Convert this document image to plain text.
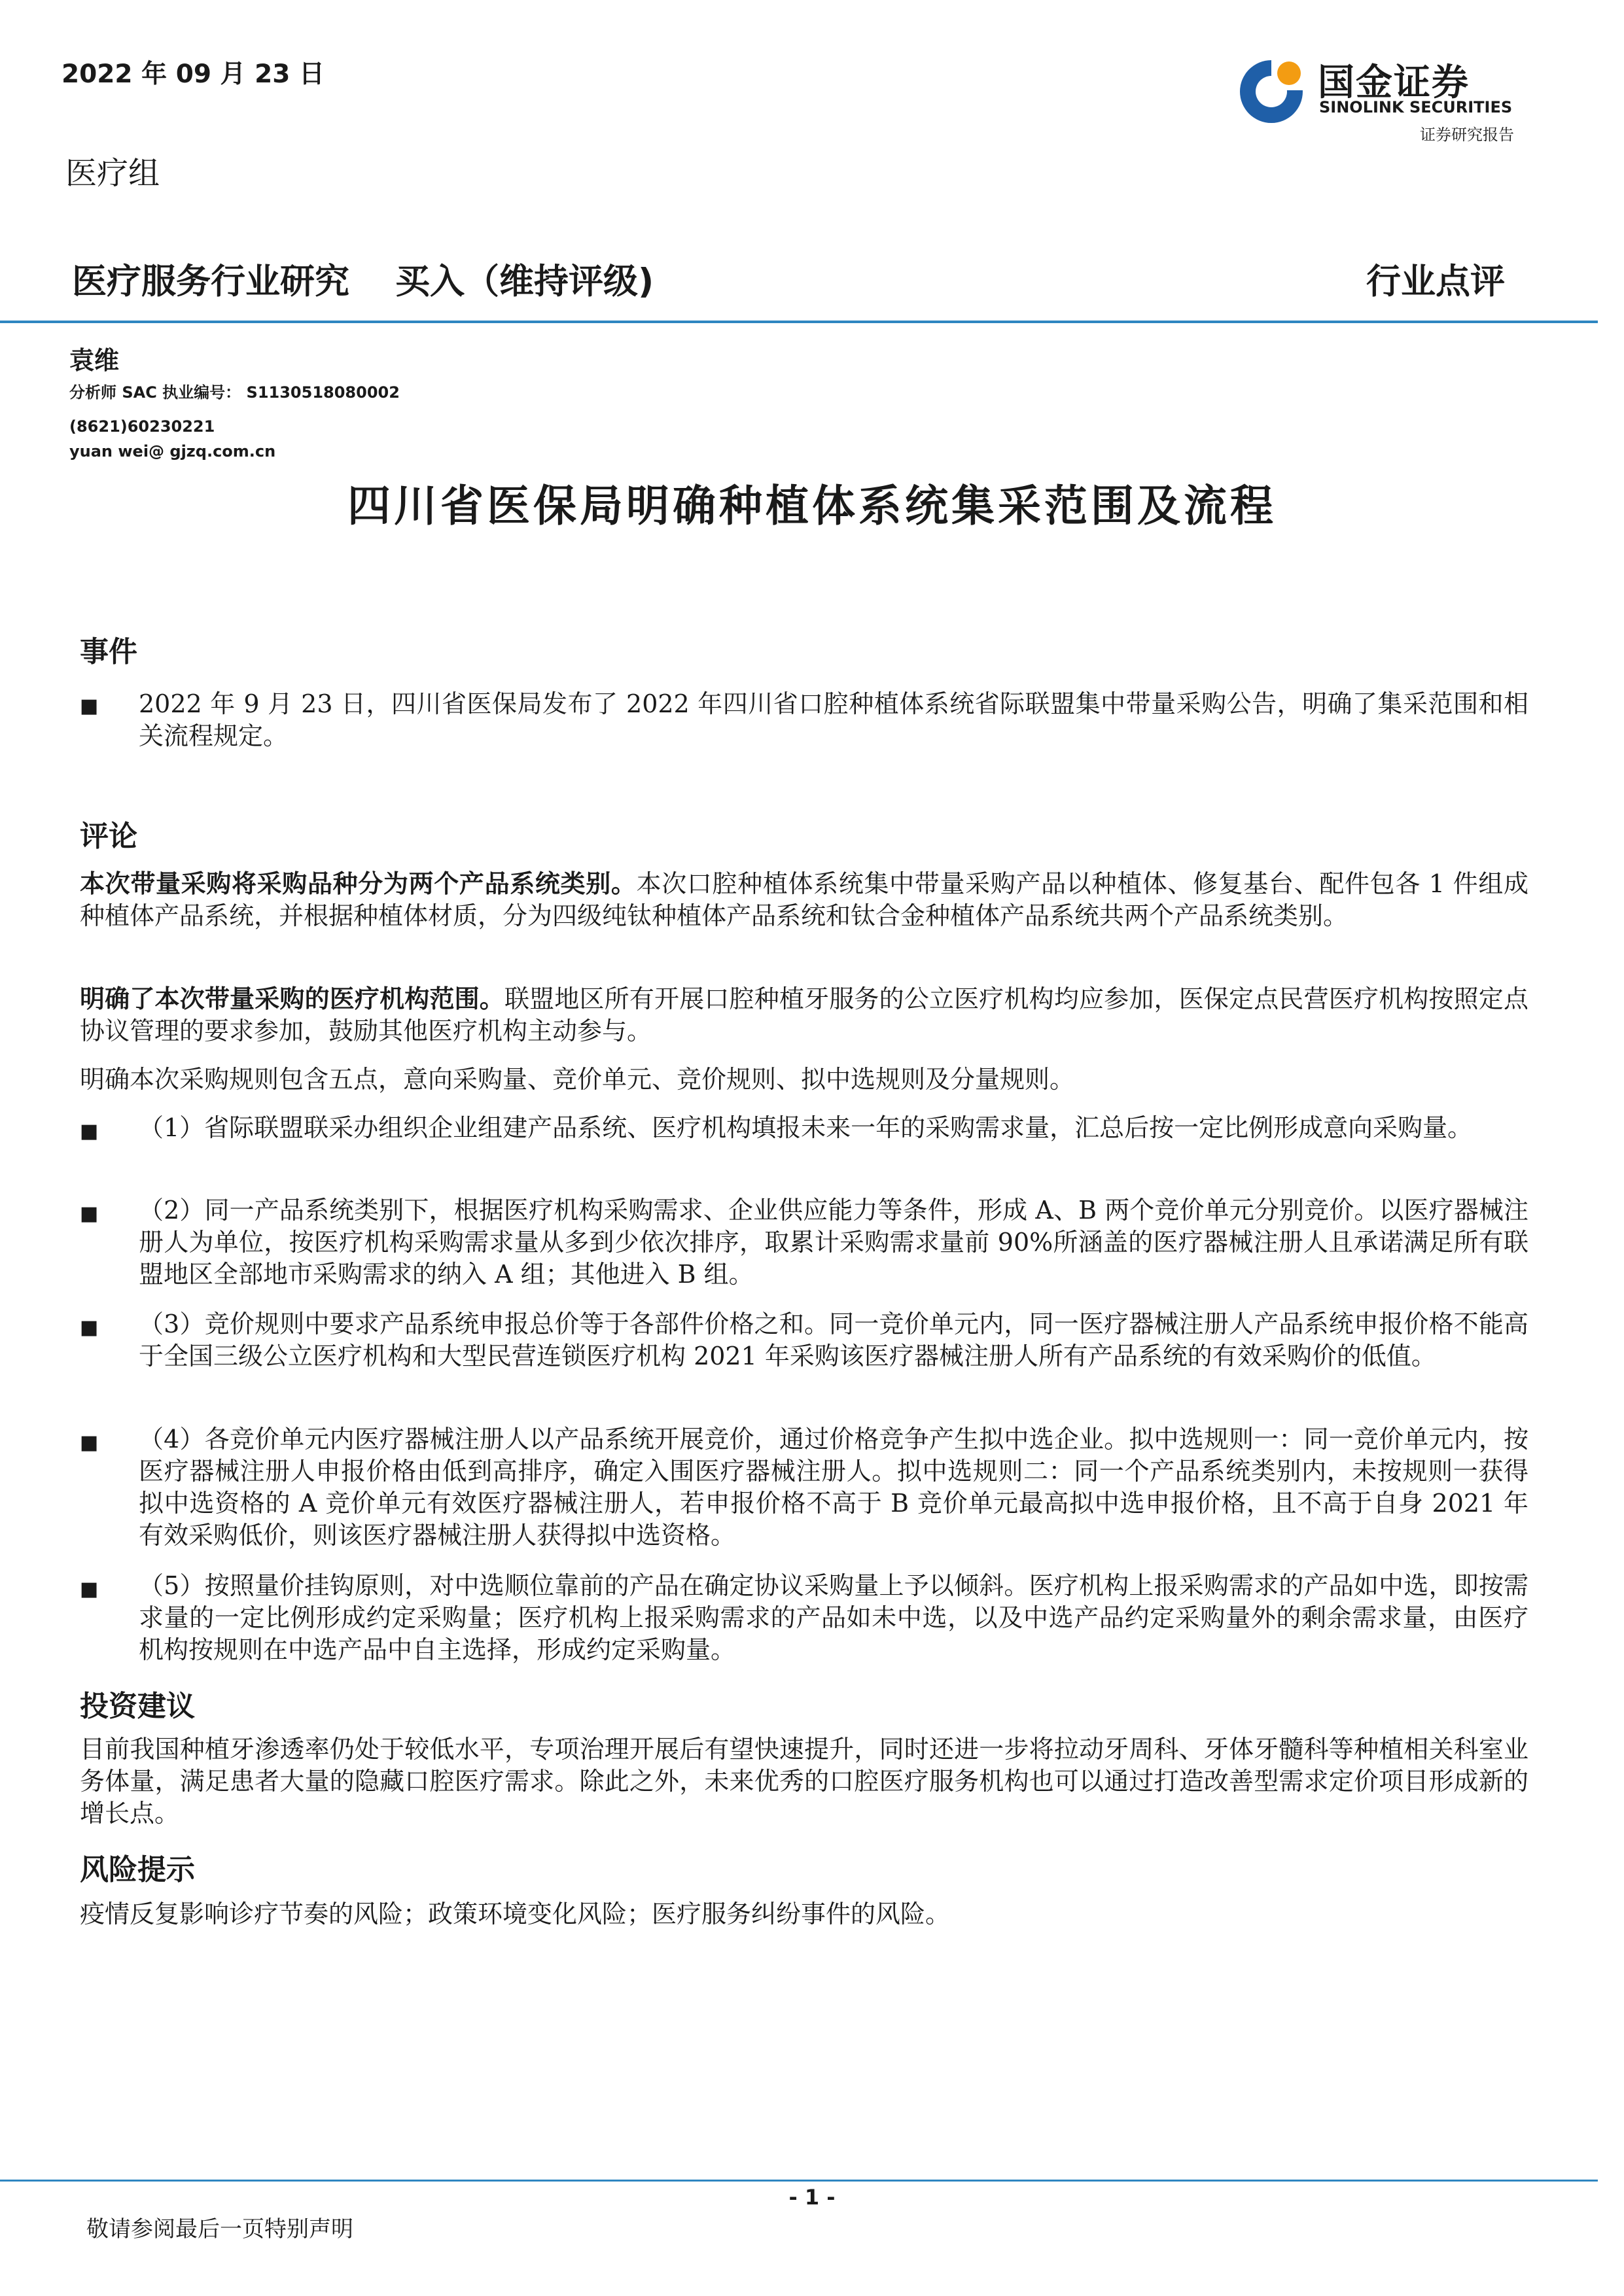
2022 年 09 月 23 日
医疗组
国金证券
SINOLINK SECURITIES
证券研究报告
医疗服务行业研究 买入（维持评级)	行业点评
袁维
分析师 SAC 执业编号： S1130518080002
(8621)60230221
yuan wei@ gjzq.com.cn
四川省医保局明确种植体系统集采范围及流程
事件
■ 2022 年 9 月 23 日，四川省医保局发布了 2022 年四川省口腔种植体系统省际联盟集中带量采购公告，明确了集采范围和相关流程规定。
评论
本次带量采购将采购品种分为两个产品系统类别。本次口腔种植体系统集中带量采购产品以种植体、修复基台、配件包各 1 件组成种植体产品系统，并根据种植体材质，分为四级纯钛种植体产品系统和钛合金种植体产品系统共两个产品系统类别。
明确了本次带量采购的医疗机构范围。联盟地区所有开展口腔种植牙服务的公立医疗机构均应参加，医保定点民营医疗机构按照定点协议管理的要求参加，鼓励其他医疗机构主动参与。
明确本次采购规则包含五点，意向采购量、竞价单元、竞价规则、拟中选规则及分量规则。
■ （1）省际联盟联采办组织企业组建产品系统、医疗机构填报未来一年的采购需求量，汇总后按一定比例形成意向采购量。
■ （2）同一产品系统类别下，根据医疗机构采购需求、企业供应能力等条件，形成 A、B 两个竞价单元分别竞价。以医疗器械注册人为单位，按医疗机构采购需求量从多到少依次排序，取累计采购需求量前 90%所涵盖的医疗器械注册人且承诺满足所有联盟地区全部地市采购需求的纳入 A 组；其他进入 B 组。
■ （3）竞价规则中要求产品系统申报总价等于各部件价格之和。同一竞价单元内，同一医疗器械注册人产品系统申报价格不能高于全国三级公立医疗机构和大型民营连锁医疗机构 2021 年采购该医疗器械注册人所有产品系统的有效采购价的低值。
■ （4）各竞价单元内医疗器械注册人以产品系统开展竞价，通过价格竞争产生拟中选企业。拟中选规则一：同一竞价单元内，按医疗器械注册人申报价格由低到高排序，确定入围医疗器械注册人。拟中选规则二：同一个产品系统类别内，未按规则一获得拟中选资格的 A 竞价单元有效医疗器械注册人，若申报价格不高于 B 竞价单元最高拟中选申报价格，且不高于自身 2021 年有效采购低价，则该医疗器械注册人获得拟中选资格。
■ （5）按照量价挂钩原则，对中选顺位靠前的产品在确定协议采购量上予以倾斜。医疗机构上报采购需求的产品如中选，即按需求量的一定比例形成约定采购量；医疗机构上报采购需求的产品如未中选，以及中选产品约定采购量外的剩余需求量，由医疗机构按规则在中选产品中自主选择，形成约定采购量。
投资建议
目前我国种植牙渗透率仍处于较低水平，专项治理开展后有望快速提升，同时还进一步将拉动牙周科、牙体牙髓科等种植相关科室业务体量，满足患者大量的隐藏口腔医疗需求。除此之外，未来优秀的口腔医疗服务机构也可以通过打造改善型需求定价项目形成新的增长点。
风险提示
疫情反复影响诊疗节奏的风险；政策环境变化风险；医疗服务纠纷事件的风险。
- 1 -
敬请参阅最后一页特别声明
